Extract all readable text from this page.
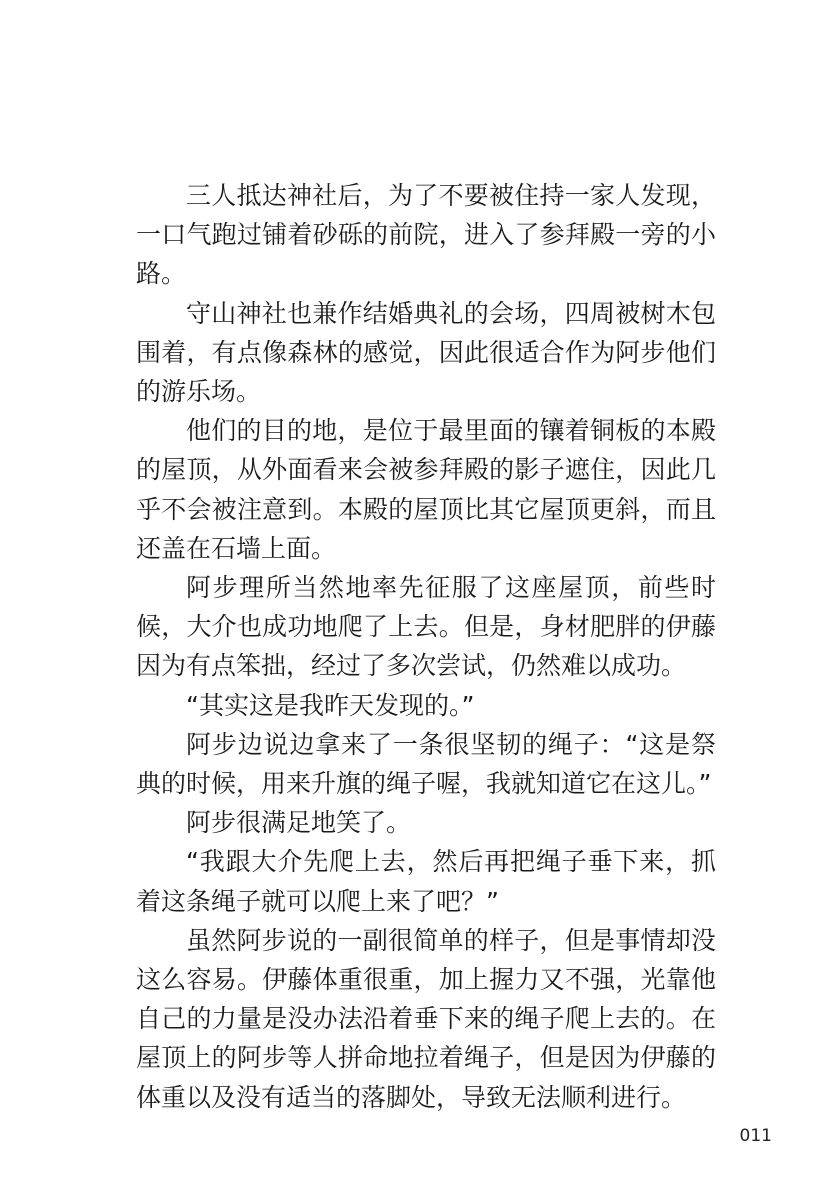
三人抵达神社后，为了不要被住持一家人发现，一口气跑过铺着砂砾的前院，进入了参拜殿一旁的小路。

守山神社也兼作结婚典礼的会场，四周被树木包围着，有点像森林的感觉，因此很适合作为阿步他们的游乐场。

他们的目的地，是位于最里面的镶着铜板的本殿的屋顶，从外面看来会被参拜殿的影子遮住，因此几乎不会被注意到。本殿的屋顶比其它屋顶更斜，而且还盖在石墙上面。

阿步理所当然地率先征服了这座屋顶，前些时候，大介也成功地爬了上去。但是，身材肥胖的伊藤因为有点笨拙，经过了多次尝试，仍然难以成功。

“其实这是我昨天发现的。”

阿步边说边拿来了一条很坚韧的绳子：“这是祭典的时候，用来升旗的绳子喔，我就知道它在这儿。”

阿步很满足地笑了。

“我跟大介先爬上去，然后再把绳子垂下来，抓着这条绳子就可以爬上来了吧？”

虽然阿步说的一副很简单的样子，但是事情却没这么容易。伊藤体重很重，加上握力又不强，光靠他自己的力量是没办法沿着垂下来的绳子爬上去的。在屋顶上的阿步等人拼命地拉着绳子，但是因为伊藤的体重以及没有适当的落脚处，导致无法顺利进行。

011
